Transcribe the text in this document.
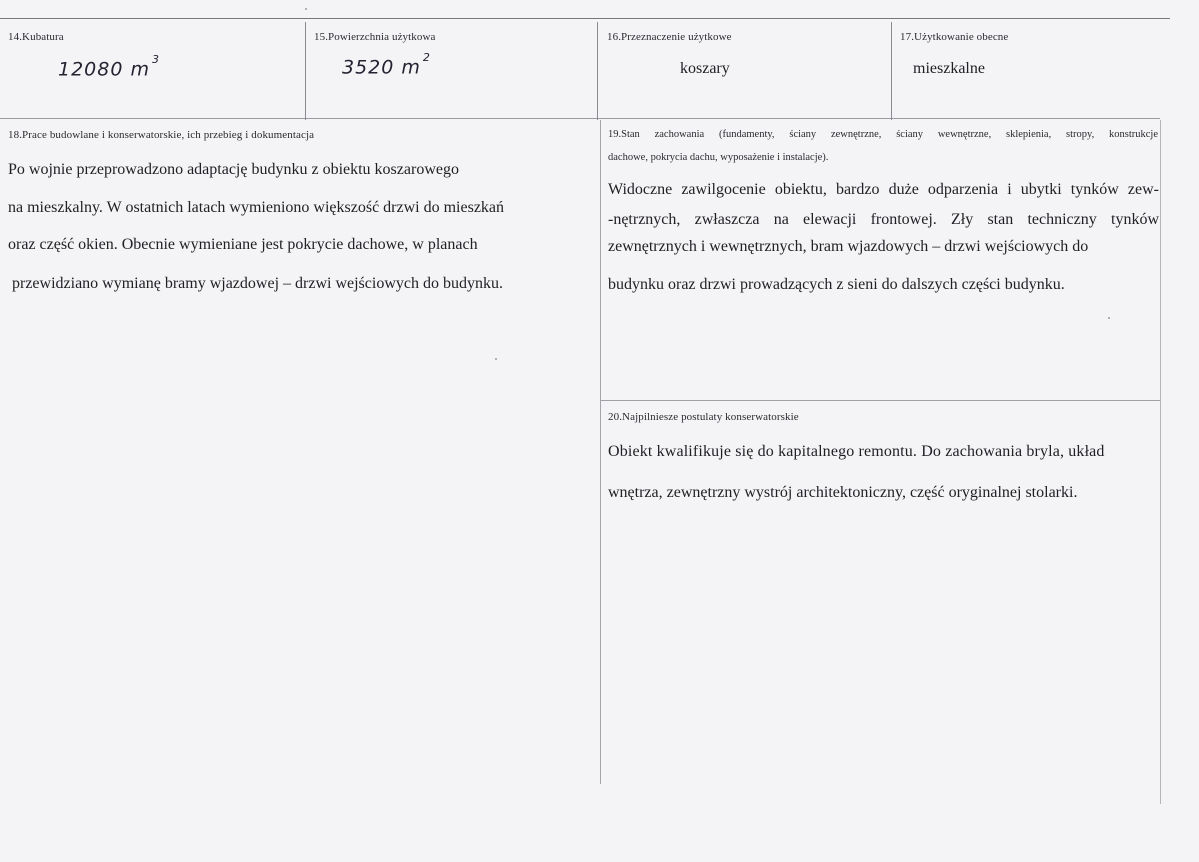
14.Kubatura
12080 m $^3$
15.Powierzchnia użytkowa
3520 m $^2$
16.Przeznaczenie użytkowe
koszary
17.Użytkowanie obecne
mieszkalne
18.Prace budowlane i konserwatorskie, ich przebieg i dokumentacja
Po wojnie przeprowadzono adaptację budynku z obiektu koszarowego
na mieszkalny. W ostatnich latach wymieniono większość drzwi do mieszkań
oraz część okien. Obecnie wymieniane jest pokrycie dachowe, w planach
przewidziano wymianę bramy wjazdowej – drzwi wejściowych do budynku.
19.Stan zachowania (fundamenty, ściany zewnętrzne, ściany wewnętrzne, sklepienia, stropy, konstrukcje
dachowe, pokrycia dachu, wyposażenie i instalacje).
Widoczne zawilgocenie obiektu, bardzo duże odparzenia i ubytki tynków zew-
-nętrznych, zwłaszcza na elewacji frontowej. Zły stan techniczny tynków
zewnętrznych i wewnętrznych, bram wjazdowych – drzwi wejściowych do
budynku oraz drzwi prowadzących z sieni do dalszych części budynku.
20.Najpilniesze postulaty konserwatorskie
Obiekt kwalifikuje się do kapitalnego remontu. Do zachowania bryla, układ
wnętrza, zewnętrzny wystrój architektoniczny, część oryginalnej stolarki.
